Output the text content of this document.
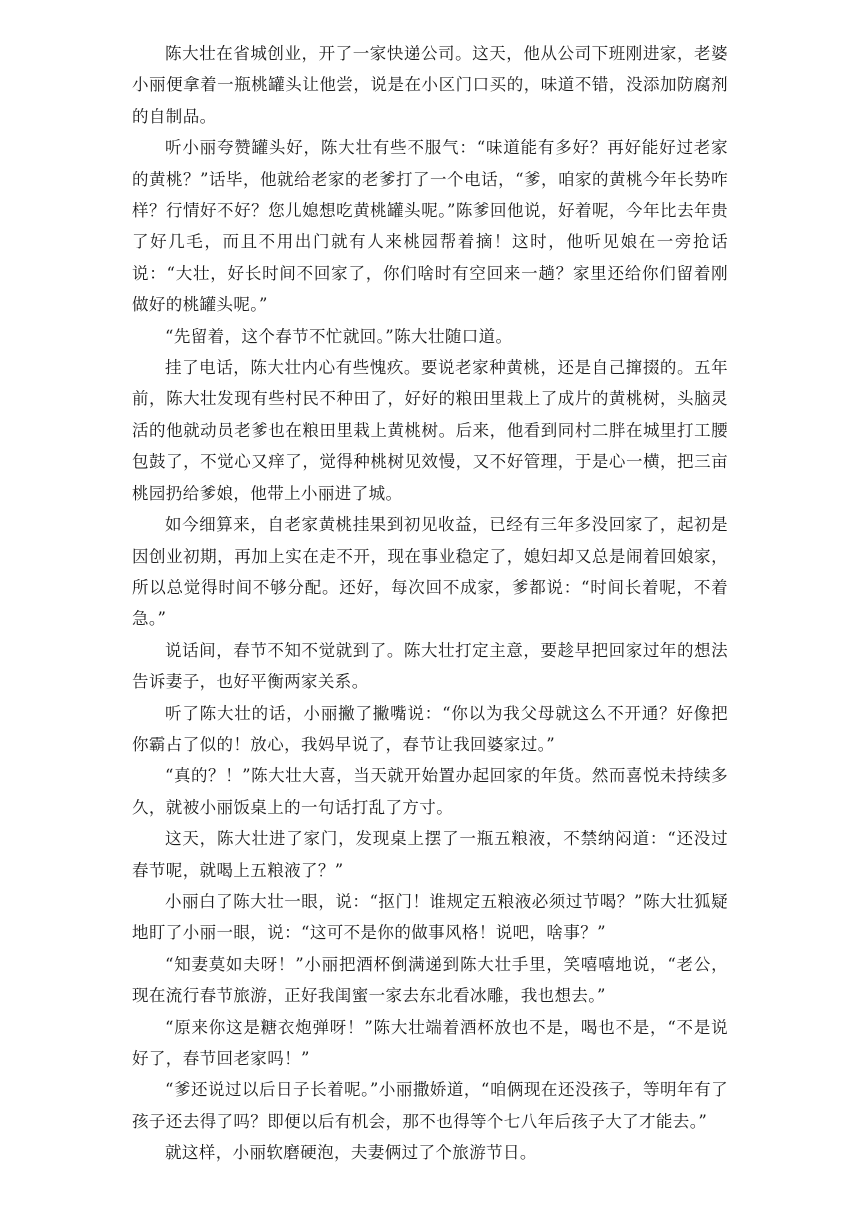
陈大壮在省城创业，开了一家快递公司。这天，他从公司下班刚进家，老婆小丽便拿着一瓶桃罐头让他尝，说是在小区门口买的，味道不错，没添加防腐剂的自制品。

听小丽夸赞罐头好，陈大壮有些不服气：“味道能有多好？再好能好过老家的黄桃？”话毕，他就给老家的老爹打了一个电话，“爹，咱家的黄桃今年长势咋样？行情好不好？您儿媳想吃黄桃罐头呢。”陈爹回他说，好着呢，今年比去年贵了好几毛，而且不用出门就有人来桃园帮着摘！这时，他听见娘在一旁抢话说：“大壮，好长时间不回家了，你们啥时有空回来一趟？家里还给你们留着刚做好的桃罐头呢。”

“先留着，这个春节不忙就回。”陈大壮随口道。

挂了电话，陈大壮内心有些愧疚。要说老家种黄桃，还是自己撺掇的。五年前，陈大壮发现有些村民不种田了，好好的粮田里栽上了成片的黄桃树，头脑灵活的他就动员老爹也在粮田里栽上黄桃树。后来，他看到同村二胖在城里打工腰包鼓了，不觉心又痒了，觉得种桃树见效慢，又不好管理，于是心一横，把三亩桃园扔给爹娘，他带上小丽进了城。

如今细算来，自老家黄桃挂果到初见收益，已经有三年多没回家了，起初是因创业初期，再加上实在走不开，现在事业稳定了，媳妇却又总是闹着回娘家，所以总觉得时间不够分配。还好，每次回不成家，爹都说：“时间长着呢，不着急。”

说话间，春节不知不觉就到了。陈大壮打定主意，要趁早把回家过年的想法告诉妻子，也好平衡两家关系。

听了陈大壮的话，小丽撇了撇嘴说：“你以为我父母就这么不开通？好像把你霸占了似的！放心，我妈早说了，春节让我回婆家过。”

“真的？！”陈大壮大喜，当天就开始置办起回家的年货。然而喜悦未持续多久，就被小丽饭桌上的一句话打乱了方寸。

这天，陈大壮进了家门，发现桌上摆了一瓶五粮液，不禁纳闷道：“还没过春节呢，就喝上五粮液了？”

小丽白了陈大壮一眼，说：“抠门！谁规定五粮液必须过节喝？”陈大壮狐疑地盯了小丽一眼，说：“这可不是你的做事风格！说吧，啥事？”

“知妻莫如夫呀！”小丽把酒杯倒满递到陈大壮手里，笑嘻嘻地说，“老公，现在流行春节旅游，正好我闺蜜一家去东北看冰雕，我也想去。”

“原来你这是糖衣炮弹呀！”陈大壮端着酒杯放也不是，喝也不是，“不是说好了，春节回老家吗！”

“爹还说过以后日子长着呢。”小丽撒娇道，“咱俩现在还没孩子，等明年有了孩子还去得了吗？即便以后有机会，那不也得等个七八年后孩子大了才能去。”

就这样，小丽软磨硬泡，夫妻俩过了个旅游节日。
